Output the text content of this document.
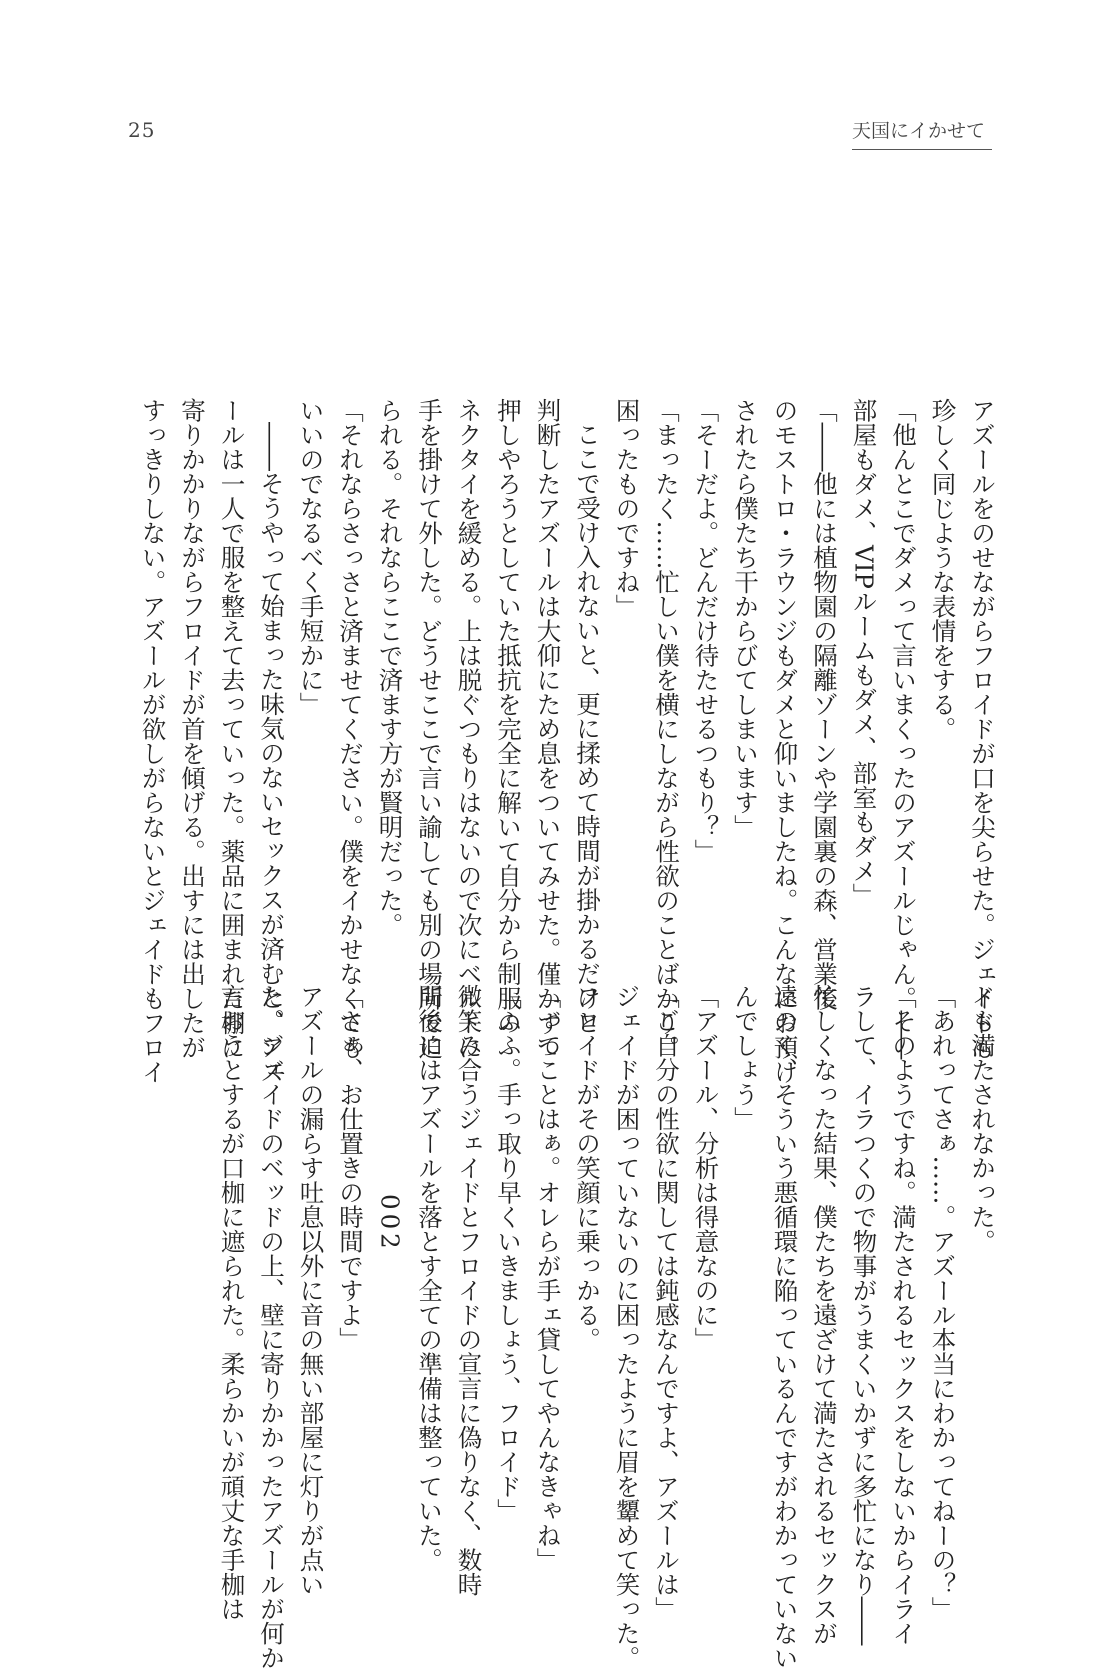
25	天国にイかせて
アズールをのせながらフロイドが口を尖らせた。ジェイドも
珍しく同じような表情をする。
「他んとこでダメって言いまくったのアズールじゃん。――
部屋もダメ、VIPルームもダメ、部室もダメ」
「――他には植物園の隔離ゾーンや学園裏の森、営業後
のモストロ・ラウンジもダメと仰いましたね。こんなにお預け
されたら僕たち干からびてしまいます」
「そーだよ。どんだけ待たせるつもり？」
「まったく……忙しい僕を横にしながら性欲のことばかり。
困ったものですね」
ここで受け入れないと、更に揉めて時間が掛かるだけと
判断したアズールは大仰にため息をついてみせた。僅かずつ
押しやろうとしていた抵抗を完全に解いて自分から制服の
ネクタイを緩める。上は脱ぐつもりはないので次にベルトに
手を掛けて外した。どうせここで言い諭しても別の場所で迫
られる。それならここで済ます方が賢明だった。
「それならさっさと済ませてください。僕をイかせなくても
いいのでなるべく手短かに」
――そうやって始まった味気のないセックスが済むと、アズ
ールは一人で服を整えて去っていった。薬品に囲まれた棚に
寄りかかりながらフロイドが首を傾げる。出すには出したが
すっきりしない。アズールが欲しがらないとジェイドもフロイ
ドも満たされなかった。
「あれってさぁ……。アズール本当にわかってねーの？」
「そのようですね。満たされるセックスをしないからイライ
ラして、イラつくので物事がうまくいかずに多忙になり――
忙しくなった結果、僕たちを遠ざけて満たされるセックスが
遠のく、そういう悪循環に陥っているんですがわかっていない
んでしょう」
「アズール、分析は得意なのに」
「ご自分の性欲に関しては鈍感なんですよ、アズールは」
ジェイドが困っていないのに困ったように眉を顰めて笑った。
フロイドがその笑顔に乗っかる。
「ってことはぁ。オレらが手ェ貸してやんなきゃね」
「ふふ。手っ取り早くいきましょう、フロイド」
微笑み合うジェイドとフロイドの宣言に偽りなく、数時
間後にはアズールを落とす全ての準備は整っていた。
002
「さぁ、お仕置きの時間ですよ」
アズールの漏らす吐息以外に音の無い部屋に灯りが点い
た。ジェイドのベッドの上、壁に寄りかかったアズールが何か
言おうとするが口枷に遮られた。柔らかいが頑丈な手枷は
